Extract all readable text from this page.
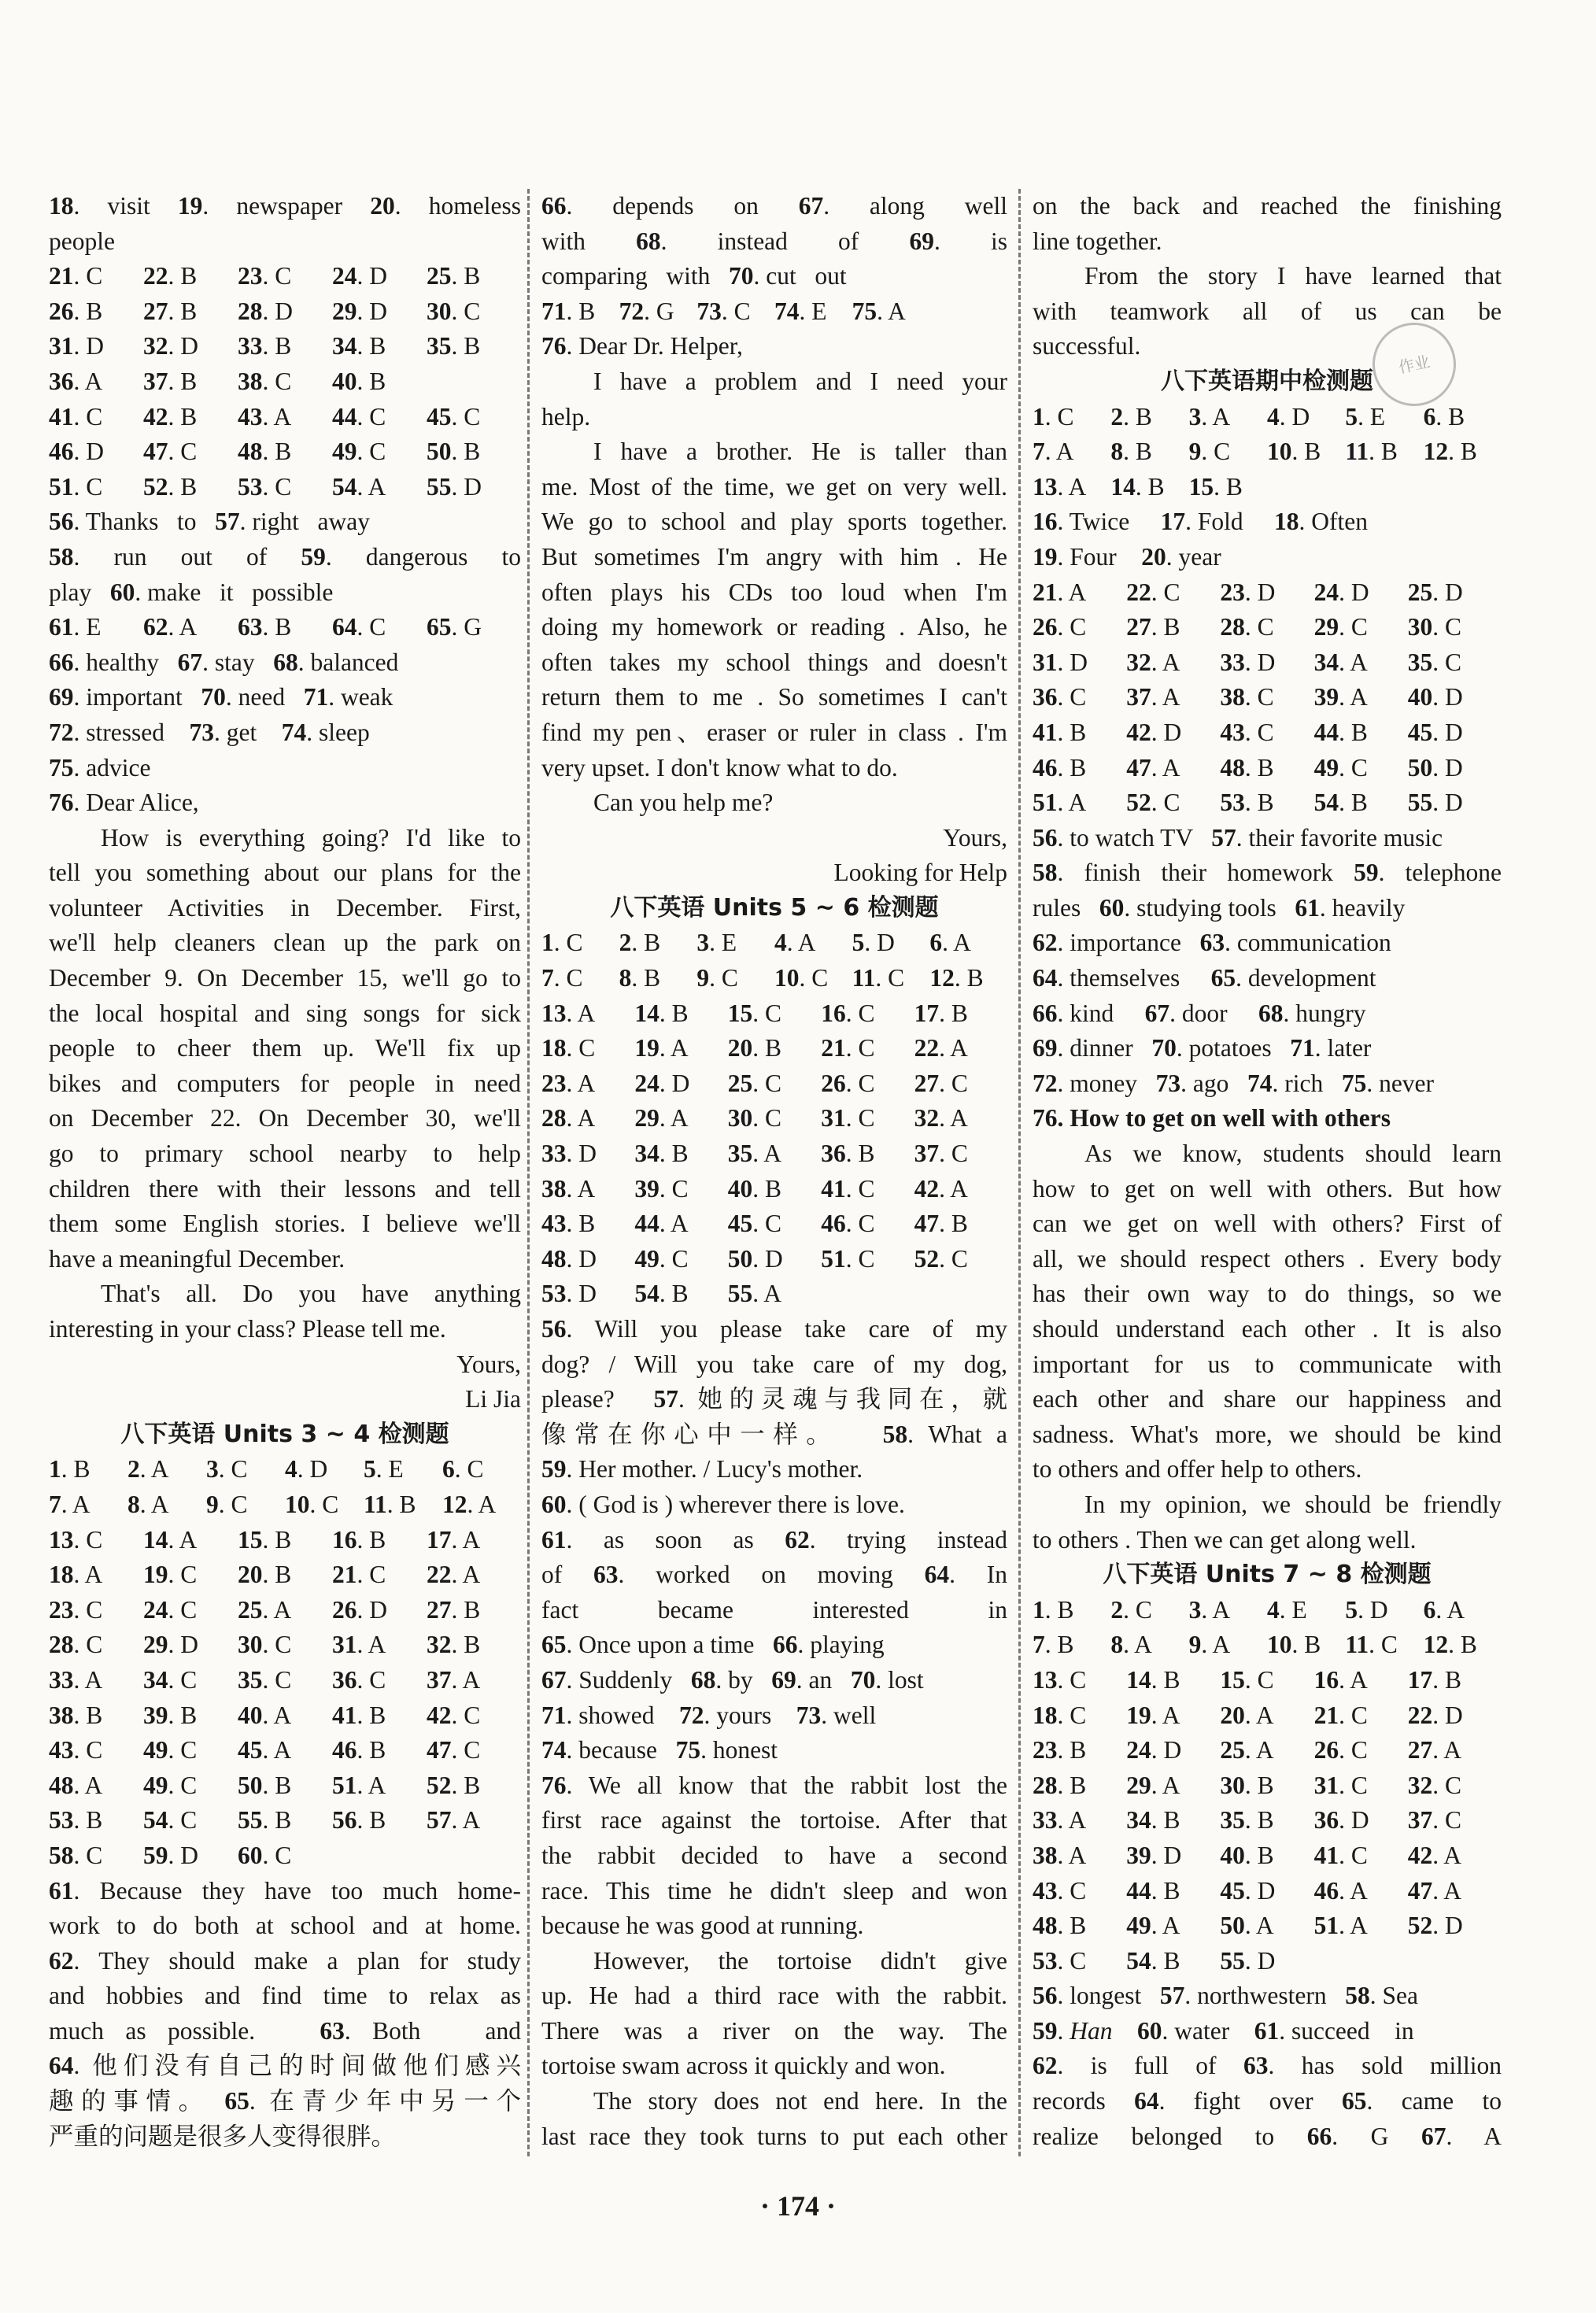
18. visit 19. newspaper 20. homeless
people
21. C	22. B	23. C	24. D	25. B
26. B	27. B	28. D	29. D	30. C
31. D	32. D	33. B	34. B	35. B
36. A	37. B	38. C	40. B
41. C	42. B	43. A	44. C	45. C
46. D	47. C	48. B	49. C	50. B
51. C	52. B	53. C	54. A	55. D
56. Thanks   to   57. right   away
58. run out of 59. dangerous to
play   60. make   it   possible
61. E	62. A	63. B	64. C	65. G
66. healthy   67. stay   68. balanced
69. important   70. need   71. weak
72. stressed    73. get    74. sleep
75. advice
76. Dear Alice,
How is everything going? I'd like to
tell you something about our plans for the
volunteer Activities in December. First,
we'll help cleaners clean up the park on
December 9. On December 15, we'll go to
the local hospital and sing songs for sick
people to cheer them up. We'll fix up
bikes and computers for people in need
on December 22. On December 30, we'll
go to primary school nearby to help
children there with their lessons and tell
them some English stories. I believe we'll
have a meaningful December.
That's all. Do you have anything
interesting in your class? Please tell me.
Yours,
Li Jia
八下英语 Units 3 ~ 4 检测题
1. B	2. A	3. C	4. D	5. E	6. C
7. A	8. A	9. C	10. C	11. B	12. A
13. C	14. A	15. B	16. B	17. A
18. A	19. C	20. B	21. C	22. A
23. C	24. C	25. A	26. D	27. B
28. C	29. D	30. C	31. A	32. B
33. A	34. C	35. C	36. C	37. A
38. B	39. B	40. A	41. B	42. C
43. C	49. C	45. A	46. B	47. C
48. A	49. C	50. B	51. A	52. B
53. B	54. C	55. B	56. B	57. A
58. C	59. D	60. C
61. Because they have too much home-
work to do both at school and at home.
62. They should make a plan for study
and hobbies and find time to relax as
much as possible.   63. Both   and
64. 他们没有自己的时间做他们感兴
趣的事情。 65. 在青少年中另一个
严重的问题是很多人变得很胖。
66. depends on 67. along well
with 68. instead of 69. is
comparing   with   70. cut   out
71. B 72. G 73. C 74. E	75. A
76. Dear Dr. Helper,
I have a problem and I need your
help.
I have a brother. He is taller than
me. Most of the time, we get on very well.
We go to school and play sports together.
But sometimes I'm angry with him . He
often plays his CDs too loud when I'm
doing my homework or reading . Also, he
often takes my school things and doesn't
return them to me . So sometimes I can't
find my pen、eraser or ruler in class . I'm
very upset. I don't know what to do.
Can you help me?
Yours,
Looking for Help
八下英语 Units 5 ~ 6 检测题
1. C	2. B	3. E	4. A	5. D	6. A
7. C	8. B	9. C	10. C 11. C	12. B
13. A	14. B	15. C	16. C	17. B
18. C	19. A	20. B	21. C	22. A
23. A	24. D	25. C	26. C	27. C
28. A	29. A	30. C	31. C	32. A
33. D	34. B	35. A	36. B	37. C
38. A	39. C	40. B	41. C	42. A
43. B	44. A	45. C	46. C	47. B
48. D	49. C	50. D	51. C	52. C
53. D	54. B	55. A
56. Will you please take care of my
dog? / Will you take care of my dog,
please?   57. 她的灵魂与我同在，就
像常在你心中一样。   58. What a
59. Her mother. / Lucy's mother.
60. ( God is ) wherever there is love.
61. as soon as 62. trying instead
of 63. worked on moving 64. In
fact   became   interested   in
65. Once upon a time   66. playing
67. Suddenly   68. by   69. an   70. lost
71. showed    72. yours    73. well
74. because   75. honest
76. We all know that the rabbit lost the
first race against the tortoise. After that
the rabbit decided to have a second
race. This time he didn't sleep and won
because he was good at running.
However, the tortoise didn't give
up. He had a third race with the rabbit.
There was a river on the way. The
tortoise swam across it quickly and won.
The story does not end here. In the
last race they took turns to put each other
on the back and reached the finishing
line together.
From the story I have learned that
with teamwork all of us can be
successful.
八下英语期中检测题
1. C	2. B	3. A	4. D	5. E	6. B
7. A	8. B	9. C	10. B 11. B	12. B
13. A 14. B 15. B
16. Twice     17. Fold     18. Often
19. Four    20. year
21. A	22. C	23. D	24. D	25. D
26. C	27. B	28. C	29. C	30. C
31. D	32. A	33. D	34. A	35. C
36. C	37. A	38. C	39. A	40. D
41. B	42. D	43. C	44. B	45. D
46. B	47. A	48. B	49. C	50. D
51. A	52. C	53. B	54. B	55. D
56. to watch TV   57. their favorite music
58. finish their homework 59. telephone
rules   60. studying tools   61. heavily
62. importance   63. communication
64. themselves     65. development
66. kind     67. door     68. hungry
69. dinner   70. potatoes   71. later
72. money   73. ago   74. rich   75. never
76. How to get on well with others
As we know, students should learn
how to get on well with others. But how
can we get on well with others? First of
all, we should respect others . Every body
has their own way to do things, so we
should understand each other . It is also
important for us to communicate with
each other and share our happiness and
sadness. What's more, we should be kind
to others and offer help to others.
In my opinion, we should be friendly
to others . Then we can get along well.
八下英语 Units 7 ~ 8 检测题
1. B	2. C	3. A	4. E	5. D	6. A
7. B	8. A	9. A	10. B 11. C	12. B
13. C	14. B	15. C	16. A	17. B
18. C	19. A	20. A	21. C	22. D
23. B	24. D	25. A	26. C	27. A
28. B	29. A	30. B	31. C	32. C
33. A	34. B	35. B	36. D	37. C
38. A	39. D	40. B	41. C	42. A
43. C	44. B	45. D	46. A	47. A
48. B	49. A	50. A	51. A	52. D
53. C	54. B	55. D
56. longest   57. northwestern   58. Sea
59. Han 60. water    61. succeed    in
62. is full of 63. has sold million
records 64. fight over 65. came to
realize belonged to 66. G 67. A
作业
· 174 ·
